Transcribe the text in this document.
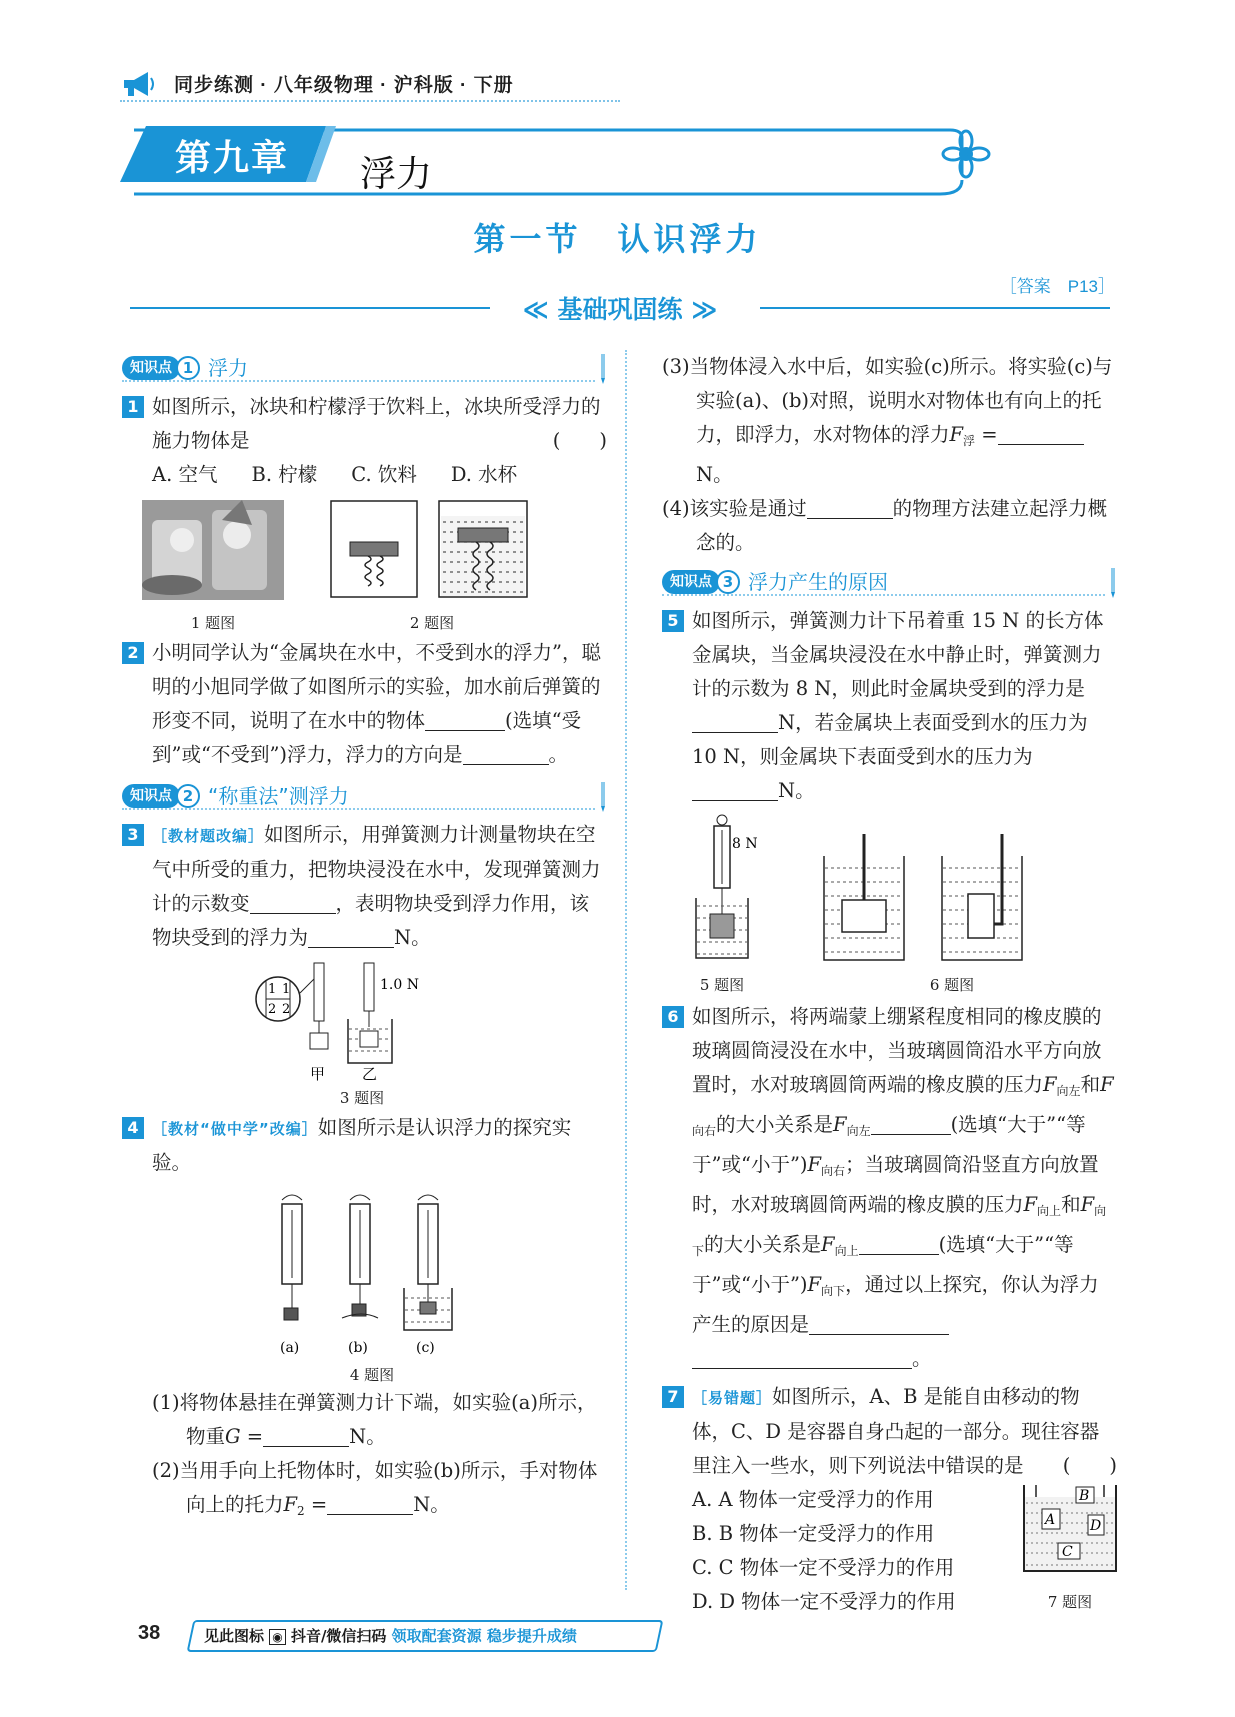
同步练测 · 八年级物理 · 沪科版 · 下册
第九章 浮力
第一节　认识浮力
［答案　P13］
≪ 基础巩固练 ≫
知识点 1 浮力
1 如图所示，冰块和柠檬浮于饮料上，冰块所受浮力的施力物体是	(　　)
A. 空气 B. 柠檬 C. 饮料 D. 水杯
1 题图	2 题图
2 小明同学认为“金属块在水中，不受到水的浮力”，聪明的小旭同学做了如图所示的实验，加水前后弹簧的形变不同，说明了在水中的物体	(选填“受到”或“不受到”)浮力，浮力的方向是	。
知识点 2 “称重法”测浮力
3 ［教材题改编］如图所示，用弹簧测力计测量物块在空气中所受的重力，把物块浸没在水中，发现弹簧测力计的示数变	，表明物块受到浮力作用，该物块受到的浮力为	N。
1
2
1
2
1.0 N
甲 乙
3 题图
4 ［教材“做中学”改编］如图所示是认识浮力的探究实验。
(a)	(b)	(c)
4 题图
(1)将物体悬挂在弹簧测力计下端，如实验(a)所示，物重G =	N。
(2)当用手向上托物体时，如实验(b)所示，手对物体向上的托力$F_2$ =	N。
(3)当物体浸入水中后，如实验(c)所示。将实验(c)与实验(a)、(b)对照，说明水对物体也有向上的托力，即浮力，水对物体的浮力$F_浮 =N$。
(4)该实验是通过	的物理方法建立起浮力概念的。
知识点 3 浮力产生的原因
5 如图所示，弹簧测力计下吊着重 15 N 的长方体金属块，当金属块浸没在水中静止时，弹簧测力计的示数为 8 N，则此时金属块受到的浮力是N，若金属块上表面受到水的压力为 10 N，则金属块下表面受到水的压力为N。
8 N
5 题图	6 题图
6 如图所示，将两端蒙上绷紧程度相同的橡皮膜的玻璃圆筒浸没在水中，当玻璃圆筒沿水平方向放置时，水对玻璃圆筒两端的橡皮膜的压力$F_{向左}$和$F_{向右}$的大小关系是$F_{向左}$	(选填“大于”“等于”或“小于$”)F_{向右}$；当玻璃圆筒沿竖直方向放置时，水对玻璃圆筒两端的橡皮膜的压力$F_{向上}$和$F_{向下}$的大小关系是$F_{向上}$	(选填“大于”“等于”或“小于$”)F_{向下}$，通过以上探究，你认为浮力产生的原因是
。
7 ［易错题］如图所示，A、B 是能自由移动的物体，C、D 是容器自身凸起的一部分。现往容器里注入一些水，则下列说法中错误的是 (　　)
A. A 物体一定受浮力的作用
B. B 物体一定受浮力的作用
C. C 物体一定不受浮力的作用
D. D 物体一定不受浮力的作用
A
B
C
D
7 题图
38	见此图标 ◉ 抖音/微信扫码 领取配套资源 稳步提升成绩
